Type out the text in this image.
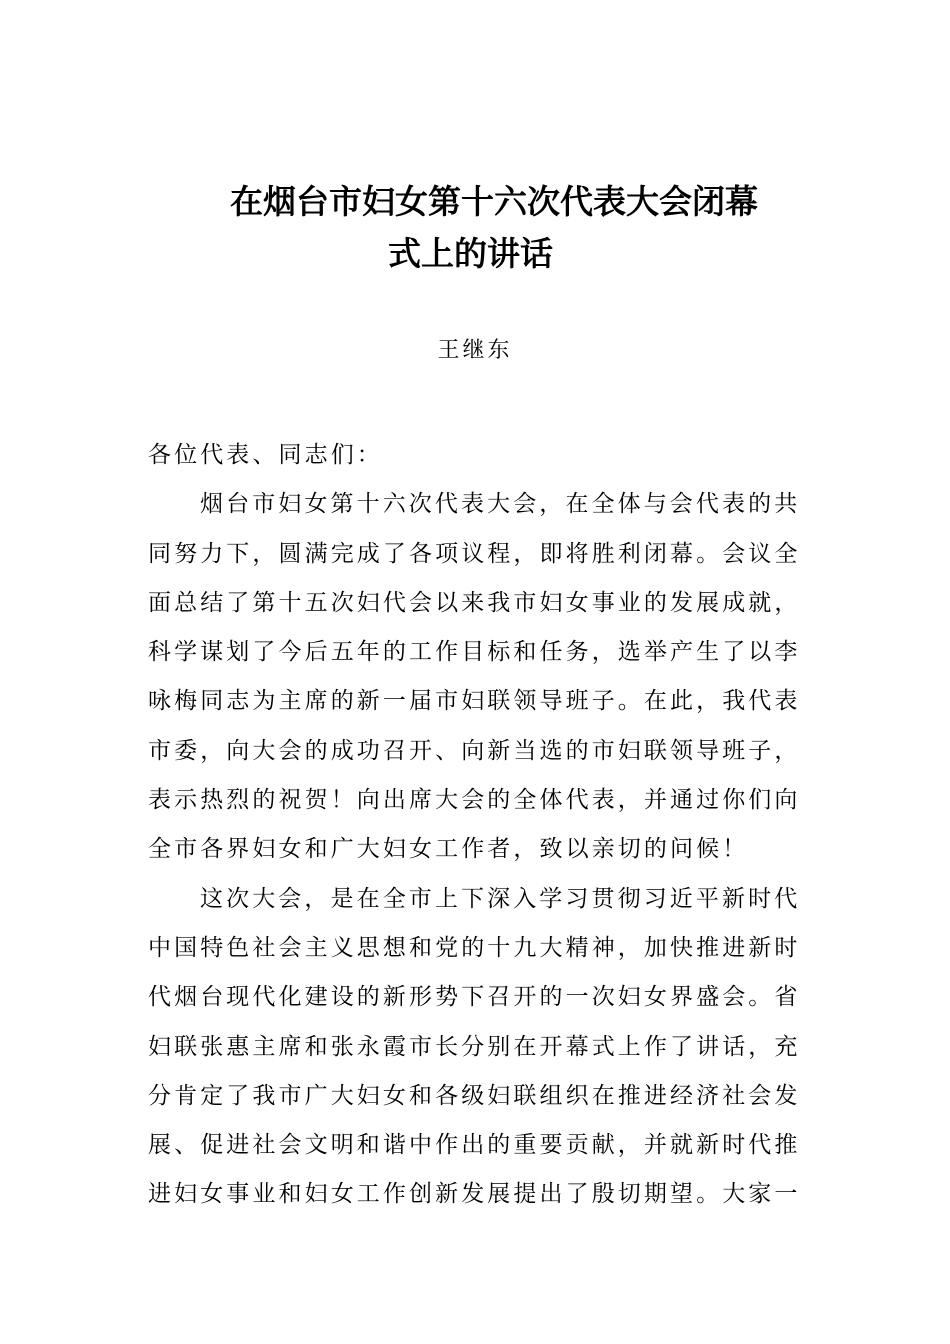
在烟台市妇女第十六次代表大会闭幕
式上的讲话
王继东
各位代表、同志们：
烟台市妇女第十六次代表大会，在全体与会代表的共
同努力下，圆满完成了各项议程，即将胜利闭幕。会议全
面总结了第十五次妇代会以来我市妇女事业的发展成就，
科学谋划了今后五年的工作目标和任务，选举产生了以李
咏梅同志为主席的新一届市妇联领导班子。在此，我代表
市委，向大会的成功召开、向新当选的市妇联领导班子，
表示热烈的祝贺！向出席大会的全体代表，并通过你们向
全市各界妇女和广大妇女工作者，致以亲切的问候！
这次大会，是在全市上下深入学习贯彻习近平新时代
中国特色社会主义思想和党的十九大精神，加快推进新时
代烟台现代化建设的新形势下召开的一次妇女界盛会。省
妇联张惠主席和张永霞市长分别在开幕式上作了讲话，充
分肯定了我市广大妇女和各级妇联组织在推进经济社会发
展、促进社会文明和谐中作出的重要贡献，并就新时代推
进妇女事业和妇女工作创新发展提出了殷切期望。大家一
